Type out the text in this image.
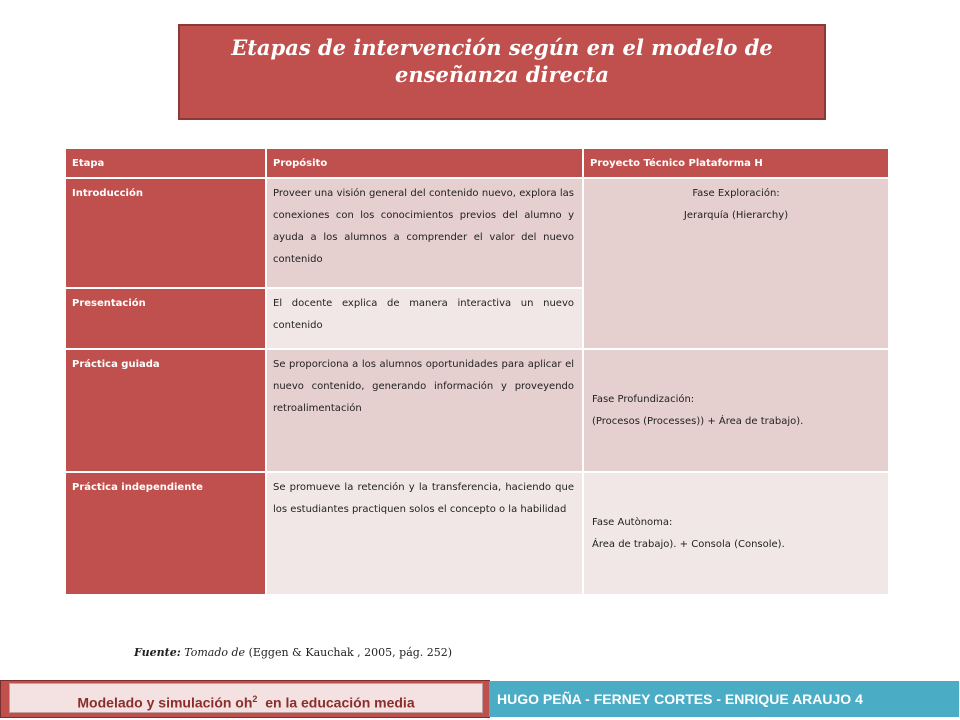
Etapas de intervención según en el modelo de enseñanza directa
Etapa	Propósito	Proyecto Técnico Plataforma H
Introducción	Proveer una visión general del contenido nuevo, explora las conexiones con los conocimientos previos del alumno y ayuda a los alumnos a comprender el valor del nuevo contenido	Fase Exploración:
Jerarquía (Hierarchy)

Presentación	El docente explica de manera interactiva un nuevo contenido	
Práctica guiada	Se proporciona a los alumnos oportunidades para aplicar el nuevo contenido, generando información y proveyendo retroalimentación	Fase Profundización:
(Procesos (Processes)) + Área de trabajo).

Práctica independiente	Se promueve la retención y la transferencia, haciendo que los estudiantes practiquen solos el concepto o la habilidad	Fase Autònoma:
Área de trabajo). + Consola (Console).
Fuente: Tomado de (Eggen & Kauchak , 2005, pág. 252)
Modelado y simulación $oh^2$  en la educación media	HUGO PEÑA - FERNEY CORTES - ENRIQUE ARAUJO 4
